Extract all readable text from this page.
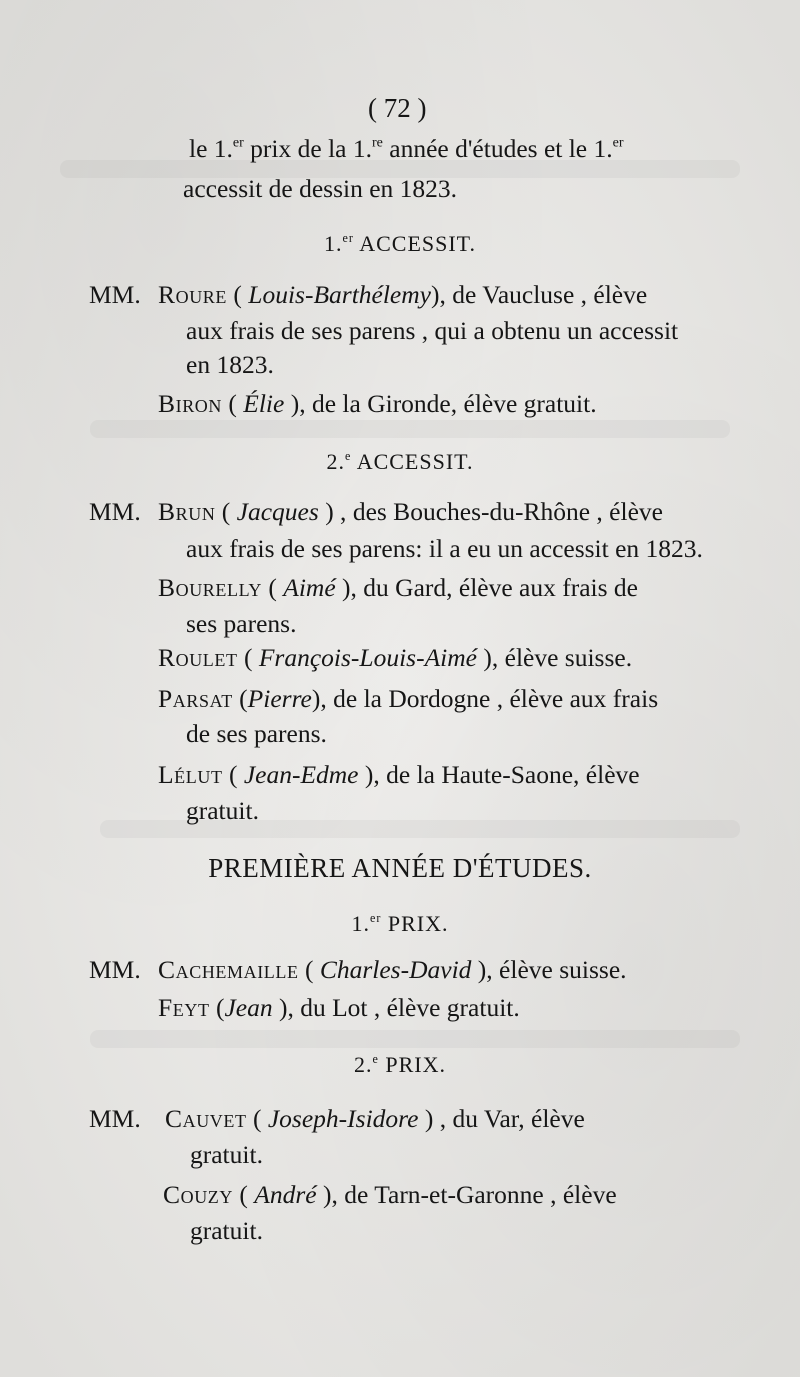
( 72 )
le 1.$^{er}$ prix de la 1.$^{re}$ année d'études et le 1.$^{er}$
accessit de dessin en 1823.
1.$^{er}$ ACCESSIT.
MM. Roure ( Louis-Barthélemy), de Vaucluse , élève
aux frais de ses parens , qui a obtenu un accessit
en 1823.
Biron ( Élie ), de la Gironde, élève gratuit.
2.$^e$ ACCESSIT.
MM. Brun ( Jacques ) , des Bouches-du-Rhône , élève
aux frais de ses parens: il a eu un accessit en 1823.
Bourelly ( Aimé ), du Gard, élève aux frais de
ses parens.
Roulet ( François-Louis-Aimé ), élève suisse.
Parsat (Pierre), de la Dordogne , élève aux frais
de ses parens.
Lélut ( Jean-Edme ), de la Haute-Saone, élève
gratuit.
PREMIÈRE ANNÉE D'ÉTUDES.
1.$^{er}$ PRIX.
MM. Cachemaille ( Charles-David ), élève suisse.
Feyt (Jean ), du Lot , élève gratuit.
2.$^e$ PRIX.
MM. Cauvet ( Joseph-Isidore ) , du Var, élève
gratuit.
Couzy ( André ), de Tarn-et-Garonne , élève
gratuit.
